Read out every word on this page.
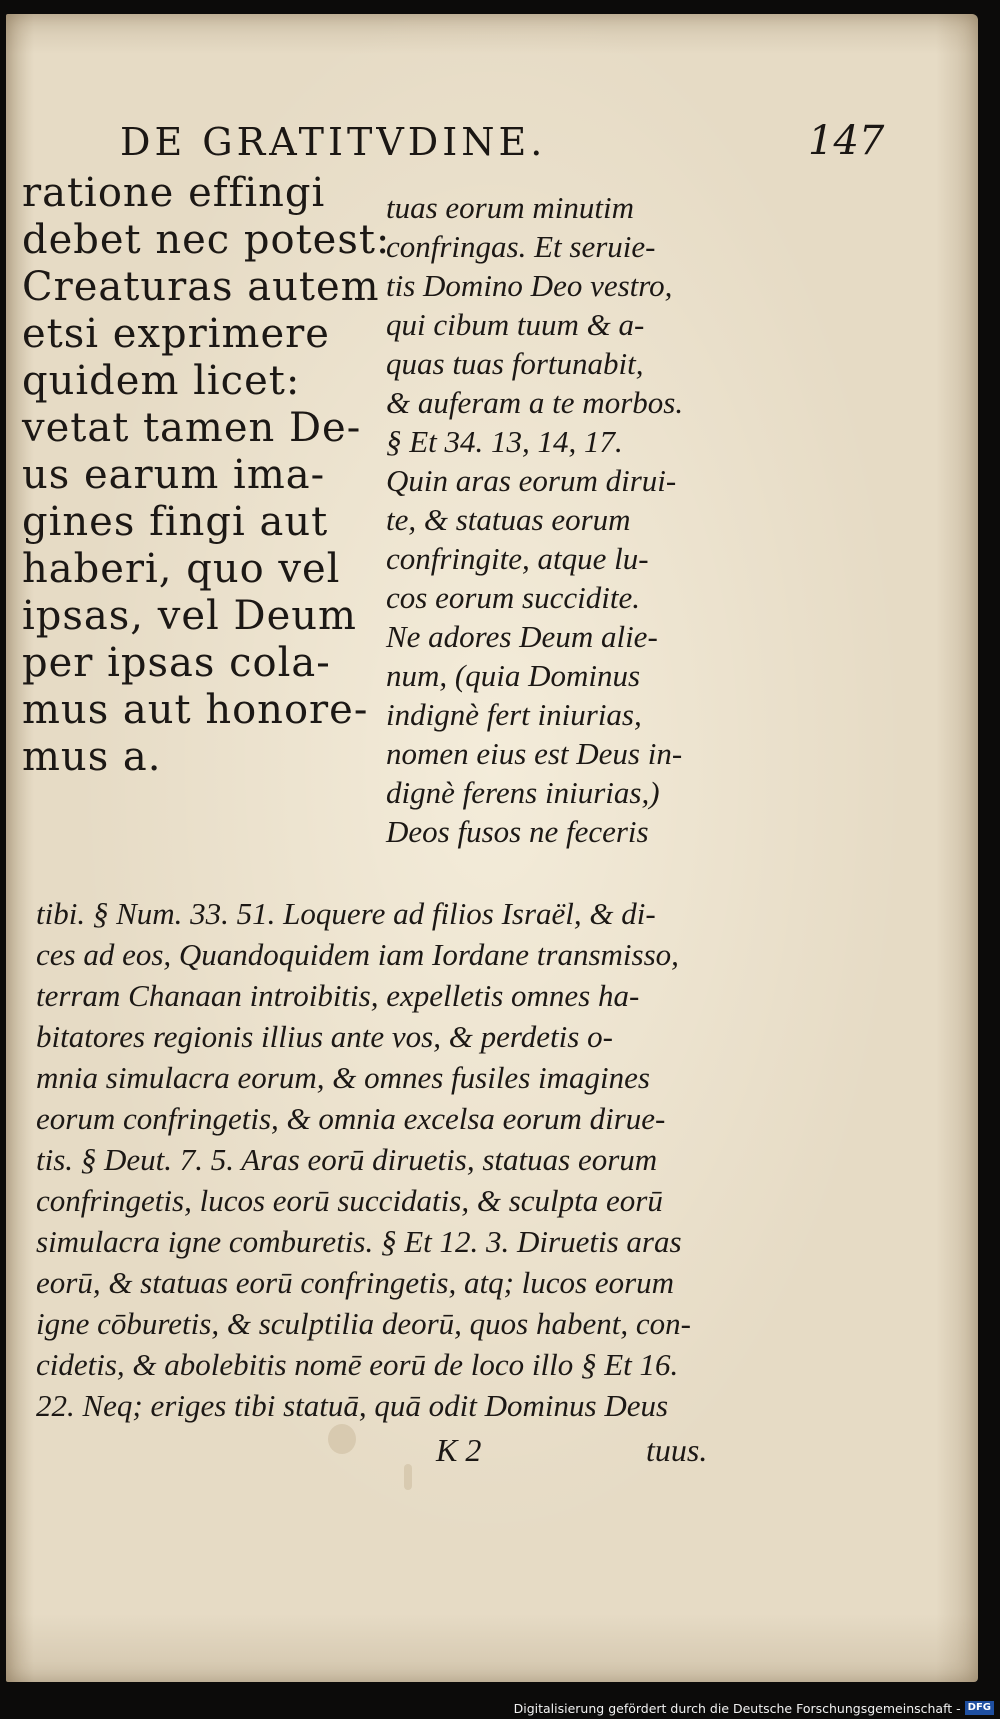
DE GRATITVDINE.	147
ratione effingi
debet nec potest:
Creaturas autem
etsi exprimere
quidem licet:
vetat tamen De-
us earum ima-
gines fingi aut
haberi, quo vel
ipsas, vel Deum
per ipsas cola-
mus aut honore-
mus a.
tuas eorum minutim
confringas. Et seruie-
tis Domino Deo vestro,
qui cibum tuum & a-
quas tuas fortunabit,
& auferam a te morbos.
§ Et 34. 13, 14, 17.
Quin aras eorum dirui-
te, & statuas eorum
confringite, atque lu-
cos eorum succidite.
Ne adores Deum alie-
num, (quia Dominus
indignè fert iniurias,
nomen eius est Deus in-
dignè ferens iniurias,)
Deos fusos ne feceris
tibi. § Num. 33. 51. Loquere ad filios Israël, & di-
ces ad eos, Quandoquidem iam Iordane transmisso,
terram Chanaan introibitis, expelletis omnes ha-
bitatores regionis illius ante vos, & perdetis o-
mnia simulacra eorum, & omnes fusiles imagines
eorum confringetis, & omnia excelsa eorum dirue-
tis. § Deut. 7. 5. Aras eorū diruetis, statuas eorum
confringetis, lucos eorū succidatis, & sculpta eorū
simulacra igne comburetis. § Et 12. 3. Diruetis aras
eorū, & statuas eorū confringetis, atq; lucos eorum
igne cōburetis, & sculptilia deorū, quos habent, con-
cidetis, & abolebitis nomē eorū de loco illo § Et 16.
22. Neq; eriges tibi statuā, quā odit Dominus Deus
K 2	tuus.
Digitalisierung gefördert durch die Deutsche Forschungsgemeinschaft - DFG
